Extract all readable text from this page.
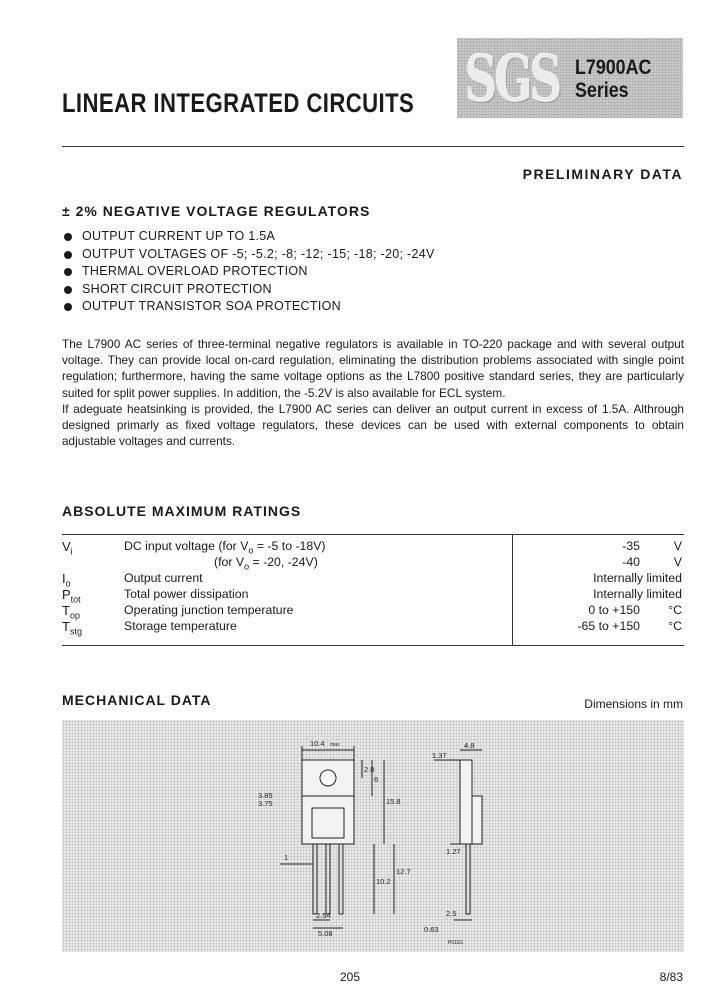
SGS L7900AC
Series
LINEAR INTEGRATED CIRCUITS
PRELIMINARY DATA
± 2% NEGATIVE VOLTAGE REGULATORS
OUTPUT CURRENT UP TO 1.5A
OUTPUT VOLTAGES OF -5; -5.2; -8; -12; -15; -18; -20; -24V
THERMAL OVERLOAD PROTECTION
SHORT CIRCUIT PROTECTION
OUTPUT TRANSISTOR SOA PROTECTION

The L7900 AC series of three-terminal negative regulators is available in TO-220 package and with several output voltage. They can provide local on-card regulation, eliminating the distribution problems associated with single point regulation; furthermore, having the same voltage options as the L7800 positive standard series, they are particularly suited for split power supplies. In addition, the -5.2V is also available for ECL system.

If adeguate heatsinking is provided, the L7900 AC series can deliver an output current in excess of 1.5A. Althrough designed primarly as fixed voltage regulators, these devices can be used with external components to obtain adjustable voltages and currents.

ABSOLUTE MAXIMUM RATINGS
$V_i$	DC input voltage (for $V_o = -5$ to -18V)	-35	V
(for $V_o = -20$, -24V)	-40	V
$I_o$	Output current	Internally limited
$P_{tot}$	Total power dissipation	Internally limited
$T_{op}$	Operating junction temperature	0 to +150 °C
$T_{stg}$	Storage temperature	-65 to +150 °C
MECHANICAL DATA	Dimensions in mm
10.4 max
2.8
3.85
3.75
6
15.8
1
10.2
12.7
2.54
5.08
1.37
4.8
1.27
2.5
0.63
P011G
205	8/83
